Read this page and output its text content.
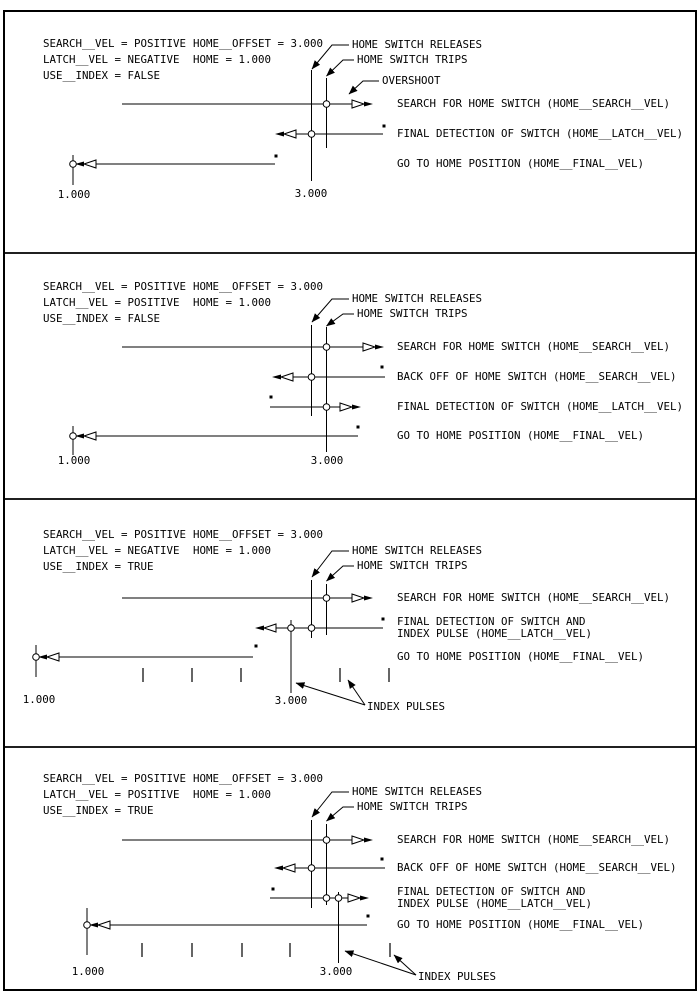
SEARCH__VEL = POSITIVE
LATCH__VEL = NEGATIVE
USE__INDEX = FALSE
HOME__OFFSET = 3.000
HOME = 1.000
1.000	3.000
HOME SWITCH RELEASES
HOME SWITCH TRIPS
OVERSHOOT
SEARCH FOR HOME SWITCH (HOME__SEARCH__VEL)
FINAL DETECTION OF SWITCH (HOME__LATCH__VEL)
GO TO HOME POSITION (HOME__FINAL__VEL)
SEARCH__VEL = POSITIVE
LATCH__VEL = POSITIVE
USE__INDEX = FALSE
HOME__OFFSET = 3.000
HOME = 1.000
1.000	3.000
HOME SWITCH RELEASES
HOME SWITCH TRIPS
SEARCH FOR HOME SWITCH (HOME__SEARCH__VEL)
BACK OFF OF HOME SWITCH (HOME__SEARCH__VEL)
FINAL DETECTION OF SWITCH (HOME__LATCH__VEL)
GO TO HOME POSITION (HOME__FINAL__VEL)
SEARCH__VEL = POSITIVE
LATCH__VEL = NEGATIVE
USE__INDEX = TRUE
HOME__OFFSET = 3.000
HOME = 1.000
1.000	3.000	INDEX PULSES
HOME SWITCH RELEASES
HOME SWITCH TRIPS
SEARCH FOR HOME SWITCH (HOME__SEARCH__VEL)
FINAL DETECTION OF SWITCH AND
INDEX PULSE (HOME__LATCH__VEL)
GO TO HOME POSITION (HOME__FINAL__VEL)
SEARCH__VEL = POSITIVE
LATCH__VEL = POSITIVE
USE__INDEX = TRUE
HOME__OFFSET = 3.000
HOME = 1.000
1.000	3.000	INDEX PULSES
HOME SWITCH RELEASES
HOME SWITCH TRIPS
SEARCH FOR HOME SWITCH (HOME__SEARCH__VEL)
BACK OFF OF HOME SWITCH (HOME__SEARCH__VEL)
FINAL DETECTION OF SWITCH AND
INDEX PULSE (HOME__LATCH__VEL)
GO TO HOME POSITION (HOME__FINAL__VEL)
